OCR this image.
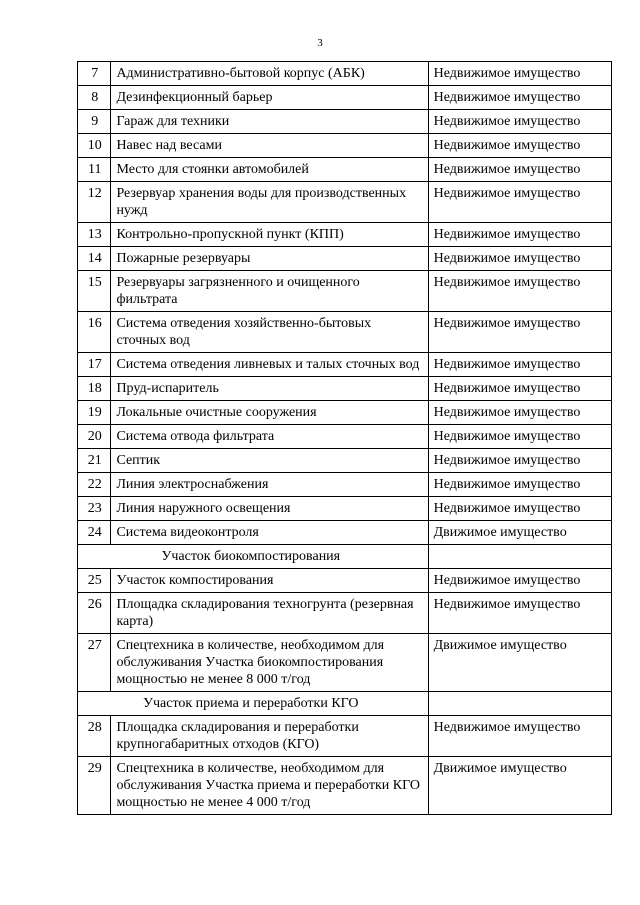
3
7	Административно-бытовой корпус (АБК)	Недвижимое имущество
8	Дезинфекционный барьер	Недвижимое имущество
9	Гараж для техники	Недвижимое имущество
10	Навес над весами	Недвижимое имущество
11	Место для стоянки автомобилей	Недвижимое имущество
12	Резервуар хранения воды для производственных нужд	Недвижимое имущество
13	Контрольно-пропускной пункт (КПП)	Недвижимое имущество
14	Пожарные резервуары	Недвижимое имущество
15	Резервуары загрязненного и очищенного фильтрата	Недвижимое имущество
16	Система отведения хозяйственно-бытовых сточных вод	Недвижимое имущество
17	Система отведения ливневых и талых сточных вод	Недвижимое имущество
18	Пруд-испаритель	Недвижимое имущество
19	Локальные очистные сооружения	Недвижимое имущество
20	Система отвода фильтрата	Недвижимое имущество
21	Септик	Недвижимое имущество
22	Линия электроснабжения	Недвижимое имущество
23	Линия наружного освещения	Недвижимое имущество
24	Система видеоконтроля	Движимое имущество
Участок биокомпостирования		
25	Участок компостирования	Недвижимое имущество
26	Площадка складирования техногрунта (резервная карта)	Недвижимое имущество
27	Спецтехника в количестве, необходимом для обслуживания Участка биокомпостирования мощностью не менее 8 000 т/год	Движимое имущество
Участок приема и переработки КГО		
28	Площадка складирования и переработки крупногабаритных отходов (КГО)	Недвижимое имущество
29	Спецтехника в количестве, необходимом для обслуживания Участка приема и переработки КГО мощностью не менее 4 000 т/год	Движимое имущество
